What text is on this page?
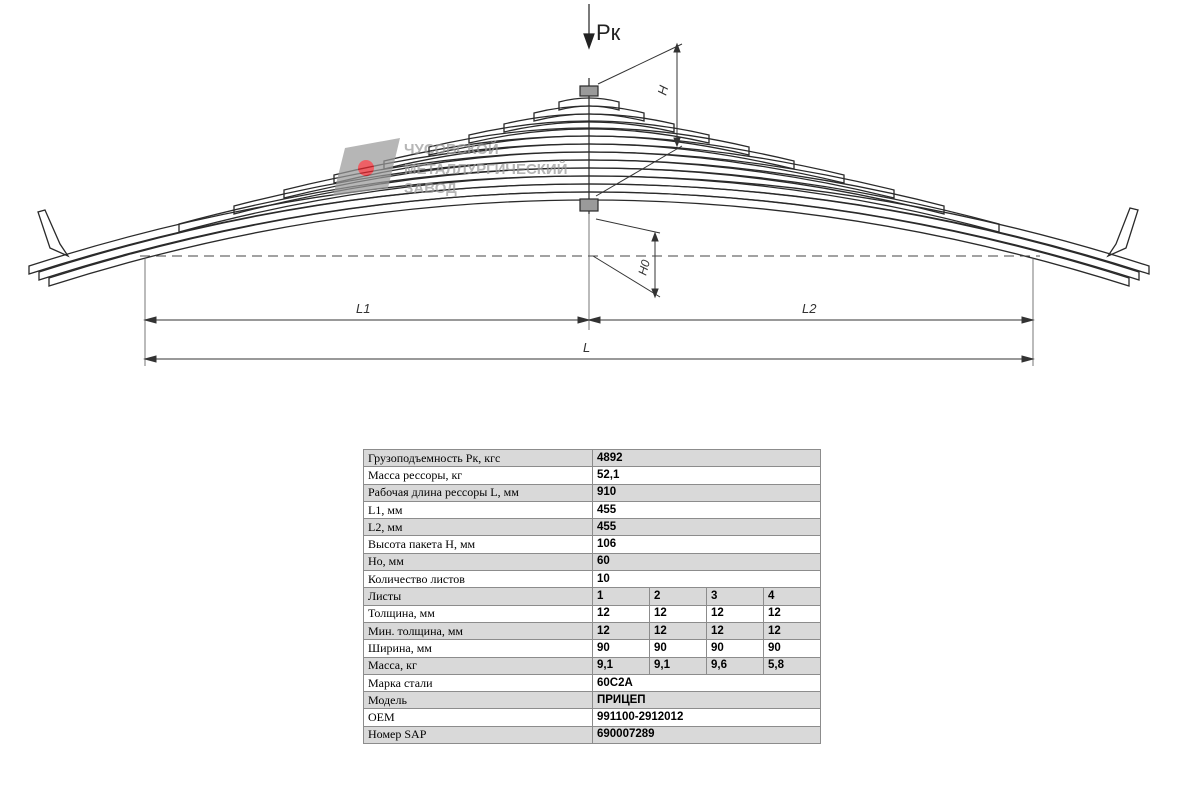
Pк
H
H0
L1	L2
L
ЧУСОВСКОЙ
МЕТАЛЛУРГИЧЕСКИЙ
ЗАВОД
Грузоподъемность Pк, кгс	4892			
Масса рессоры, кг	52,1			
Рабочая длина рессоры L, мм	910			
L1, мм	455			
L2, мм	455			
Высота пакета H, мм	106			
Ho, мм	60			
Количество листов	10			
Листы	1	2	3	4
Толщина, мм	12	12	12	12
Мин. толщина, мм	12	12	12	12
Ширина, мм	90	90	90	90
Масса, кг	9,1	9,1	9,6	5,8
Марка стали	60С2А			
Модель	ПРИЦЕП			
OEM	991100-2912012			
Номер SAP	690007289			
